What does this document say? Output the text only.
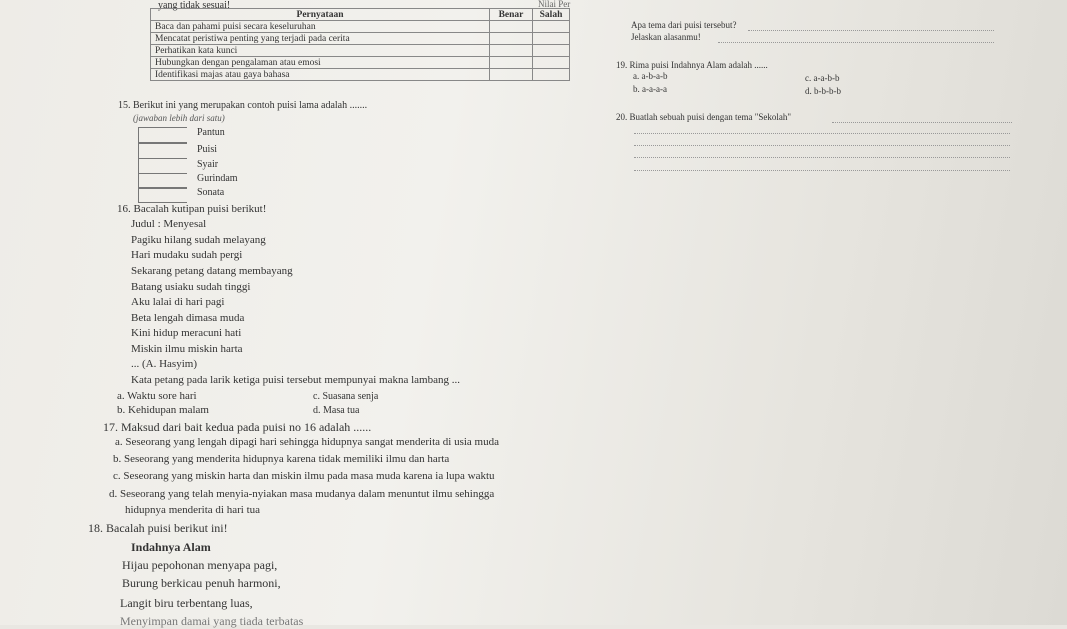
yang tidak sesuai!	Nilai Per
Pernyataan	Benar	Salah
Baca dan pahami puisi secara keseluruhan		
Mencatat peristiwa penting yang terjadi pada cerita		
Perhatikan kata kunci		
Hubungkan dengan pengalaman atau emosi		
Identifikasi majas atau gaya bahasa		
15. Berikut ini yang merupakan contoh puisi lama adalah .......
(jawaban lebih dari satu)
Pantun
Puisi
Syair
Gurindam
Sonata
16. Bacalah kutipan puisi berikut!
Judul : Menyesal
Pagiku hilang sudah melayang
Hari mudaku sudah pergi
Sekarang petang datang membayang
Batang usiaku sudah tinggi
Aku lalai di hari pagi
Beta lengah dimasa muda
Kini hidup meracuni hati
Miskin ilmu miskin harta
... (A. Hasyim)
Kata petang pada larik ketiga puisi tersebut mempunyai makna lambang ...
a. Waktu sore hari	c. Suasana senja
b. Kehidupan malam	d. Masa tua
17. Maksud dari bait kedua pada puisi no 16 adalah ......
a. Seseorang yang lengah dipagi hari sehingga hidupnya sangat menderita di usia muda
b. Seseorang yang menderita hidupnya karena tidak memiliki ilmu dan harta
c. Seseorang yang miskin harta dan miskin ilmu pada masa muda karena ia lupa waktu
d. Seseorang yang telah menyia-nyiakan masa mudanya dalam menuntut ilmu sehingga
hidupnya menderita di hari tua
18. Bacalah puisi berikut ini!
Indahnya Alam
Hijau pepohonan menyapa pagi,
Burung berkicau penuh harmoni,
Langit biru terbentang luas,
Menyimpan damai yang tiada terbatas
Apa tema dari puisi tersebut?
Jelaskan alasanmu!
19. Rima puisi Indahnya Alam adalah ......
a. a-b-a-b	c. a-a-b-b
b. a-a-a-a	d. b-b-b-b
20. Buatlah sebuah puisi dengan tema "Sekolah"
